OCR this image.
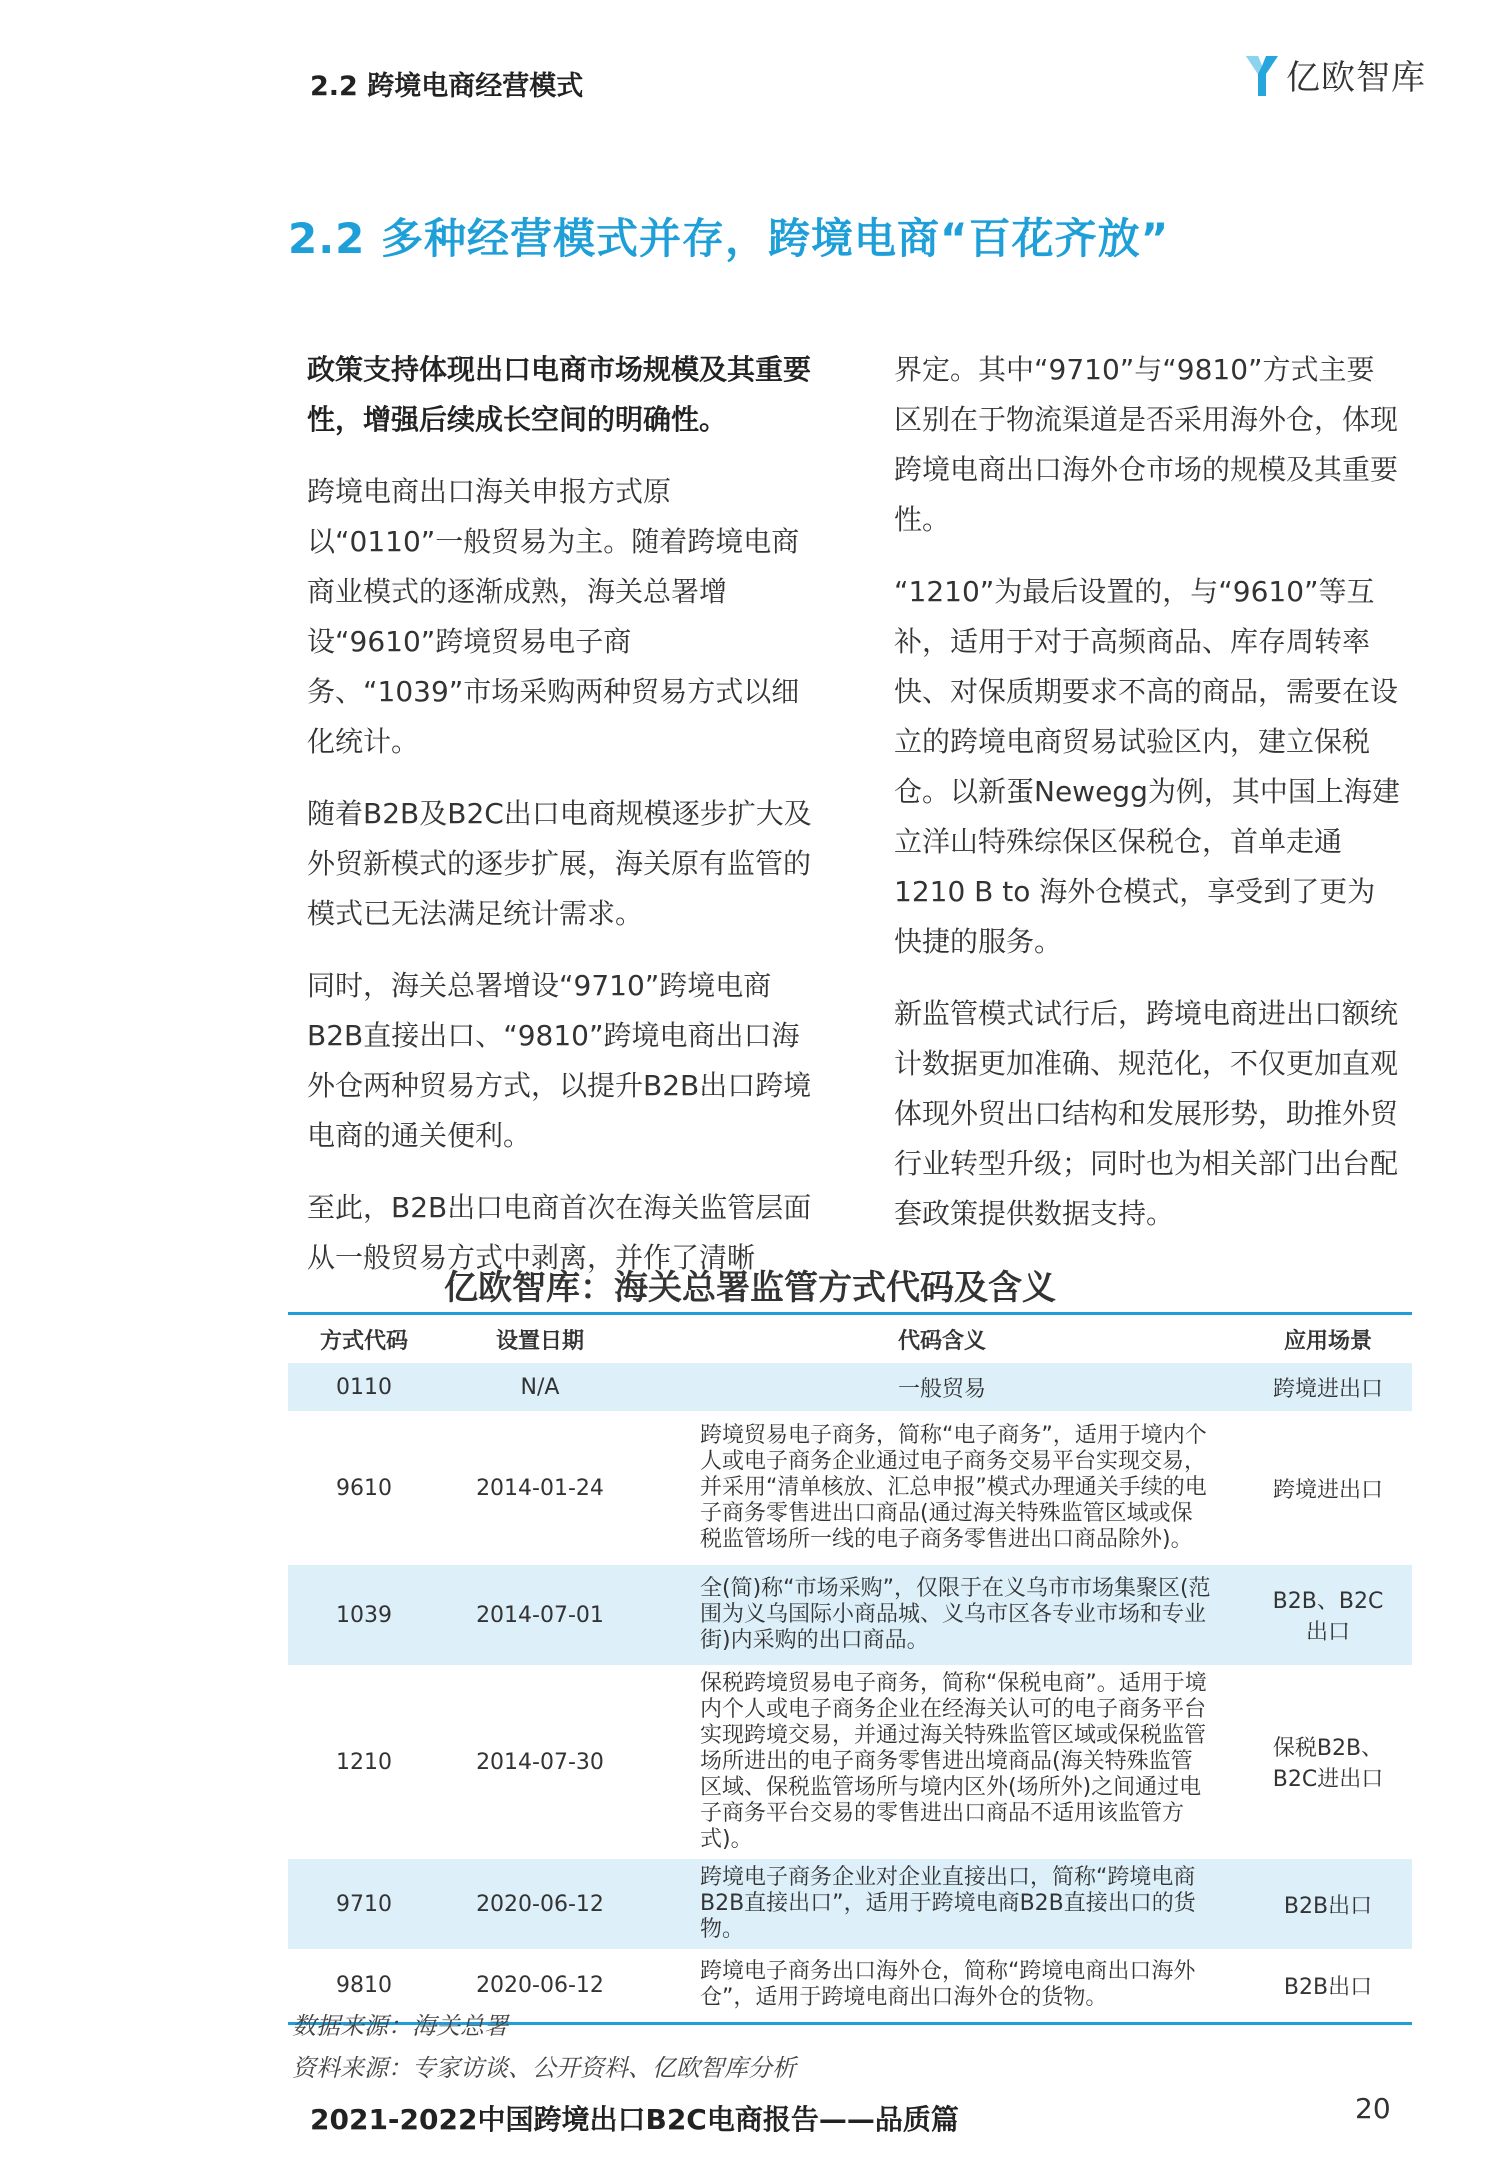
2.2 跨境电商经营模式	亿欧智库
2.2 多种经营模式并存，跨境电商“百花齐放”

政策支持体现出口电商市场规模及其重要性，增强后续成长空间的明确性。

跨境电商出口海关申报方式原以“0110”一般贸易为主。随着跨境电商商业模式的逐渐成熟，海关总署增设“9610”跨境贸易电子商务、“1039”市场采购两种贸易方式以细化统计。

随着B2B及B2C出口电商规模逐步扩大及外贸新模式的逐步扩展，海关原有监管的模式已无法满足统计需求。

同时，海关总署增设“9710”跨境电商B2B直接出口、“9810”跨境电商出口海外仓两种贸易方式，以提升B2B出口跨境电商的通关便利。

至此，B2B出口电商首次在海关监管层面从一般贸易方式中剥离，并作了清晰

界定。其中“9710”与“9810”方式主要区别在于物流渠道是否采用海外仓，体现跨境电商出口海外仓市场的规模及其重要性。

“1210”为最后设置的，与“9610”等互补，适用于对于高频商品、库存周转率快、对保质期要求不高的商品，需要在设立的跨境电商贸易试验区内，建立保税仓。以新蛋Newegg为例，其中国上海建立洋山特殊综保区保税仓，首单走通1210 B to 海外仓模式，享受到了更为快捷的服务。

新监管模式试行后，跨境电商进出口额统计数据更加准确、规范化，不仅更加直观体现外贸出口结构和发展形势，助推外贸行业转型升级；同时也为相关部门出台配套政策提供数据支持。

亿欧智库：海关总署监管方式代码及含义
方式代码	设置日期	代码含义	应用场景
0110	N/A	一般贸易	跨境进出口
9610	2014-01-24	跨境贸易电子商务，简称“电子商务”，适用于境内个人或电子商务企业通过电子商务交易平台实现交易，并采用“清单核放、汇总申报”模式办理通关手续的电子商务零售进出口商品(通过海关特殊监管区域或保税监管场所一线的电子商务零售进出口商品除外)。	跨境进出口
1039	2014-07-01	全(简)称“市场采购”，仅限于在义乌市市场集聚区(范围为义乌国际小商品城、义乌市区各专业市场和专业街)内采购的出口商品。	B2B、B2C出口
1210	2014-07-30	保税跨境贸易电子商务，简称“保税电商”。适用于境内个人或电子商务企业在经海关认可的电子商务平台实现跨境交易，并通过海关特殊监管区域或保税监管场所进出的电子商务零售进出境商品(海关特殊监管区域、保税监管场所与境内区外(场所外)之间通过电子商务平台交易的零售进出口商品不适用该监管方式)。	保税B2B、B2C进出口
9710	2020-06-12	跨境电子商务企业对企业直接出口，简称“跨境电商B2B直接出口”，适用于跨境电商B2B直接出口的货物。	B2B出口
9810	2020-06-12	跨境电子商务出口海外仓，简称“跨境电商出口海外仓”，适用于跨境电商出口海外仓的货物。	B2B出口
数据来源：海关总署
资料来源：专家访谈、公开资料、亿欧智库分析
2021-2022中国跨境出口B2C电商报告——品质篇	20
